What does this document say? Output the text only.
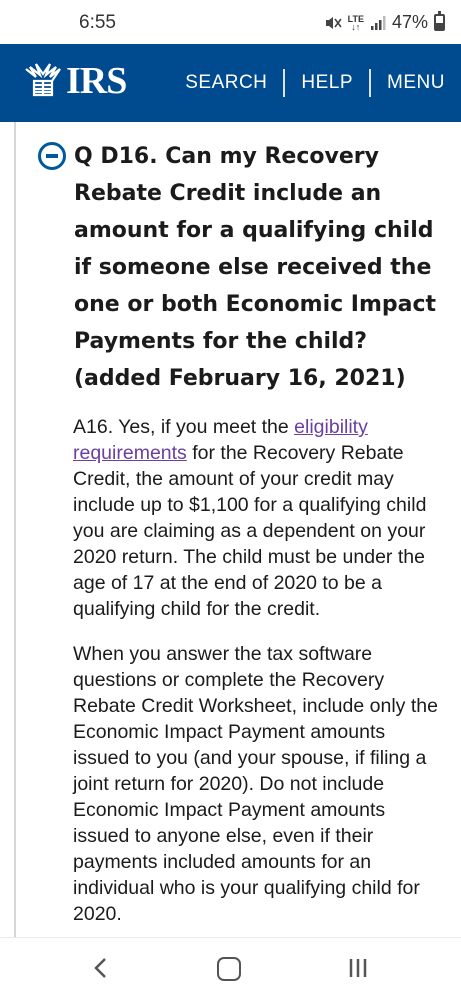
6:55	LTE
↓↑ 47%
IRS	SEARCH	HELP	MENU
Q D16. Can my Recovery Rebate Credit include an amount for a qualifying child if someone else received the one or both Economic Impact Payments for the child? (added February 16, 2021)

A16. Yes, if you meet the eligibility requirements for the Recovery Rebate Credit, the amount of your credit may include up to $1,100 for a qualifying child you are claiming as a dependent on your 2020 return. The child must be under the age of 17 at the end of 2020 to be a qualifying child for the credit.

When you answer the tax software questions or complete the Recovery Rebate Credit Worksheet, include only the Economic Impact Payment amounts issued to you (and your spouse, if filing a joint return for 2020). Do not include Economic Impact Payment amounts issued to anyone else, even if their payments included amounts for an individual who is your qualifying child for 2020.
